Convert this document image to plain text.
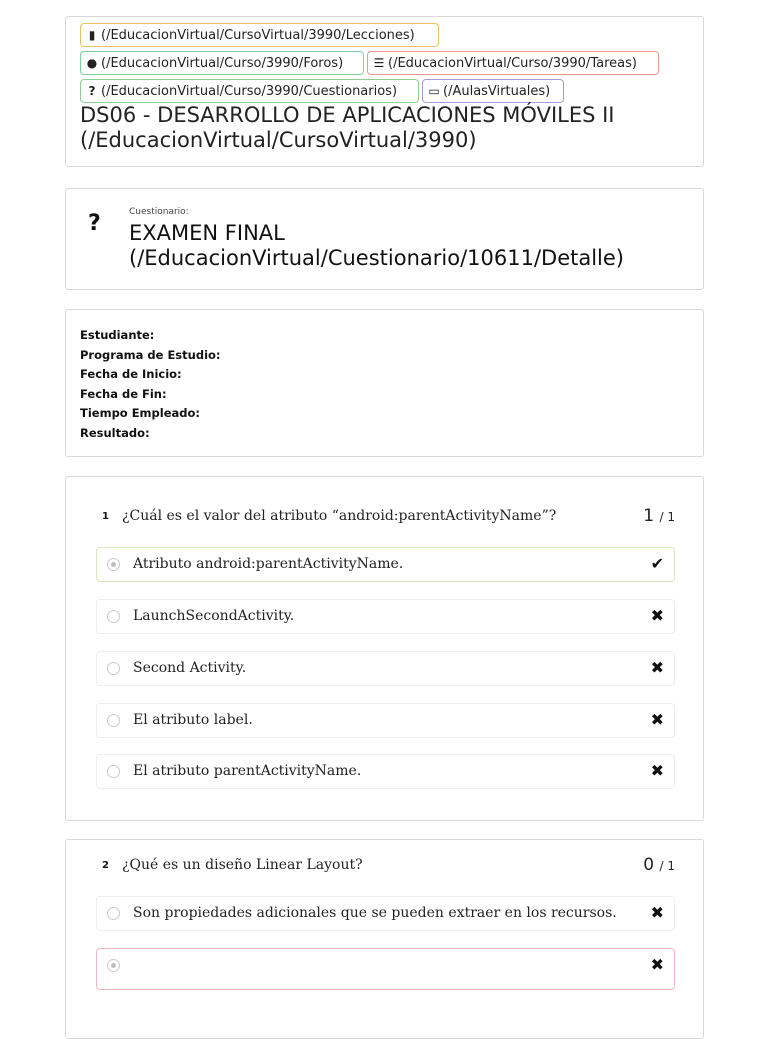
▮ (/EducacionVirtual/CursoVirtual/3990/Lecciones)
● (/EducacionVirtual/Curso/3990/Foros)	☰ (/EducacionVirtual/Curso/3990/Tareas)
? (/EducacionVirtual/Curso/3990/Cuestionarios)	▭ (/AulasVirtuales)
DS06 - DESARROLLO DE APLICACIONES MÓVILES II
(/EducacionVirtual/CursoVirtual/3990)
?	Cuestionario:
EXAMEN FINAL
(/EducacionVirtual/Cuestionario/10611/Detalle)
Estudiante:
Programa de Estudio:
Fecha de Inicio:
Fecha de Fin:
Tiempo Empleado:
Resultado:
1 ¿Cuál es el valor del atributo “android:parentActivityName”?	1 / 1
Atributo android:parentActivityName.	✔
LaunchSecondActivity.	✖
Second Activity.	✖
El atributo label.	✖
El atributo parentActivityName.	✖
2 ¿Qué es un diseño Linear Layout?	0 / 1
Son propiedades adicionales que se pueden extraer en los recursos. ✖
✖
